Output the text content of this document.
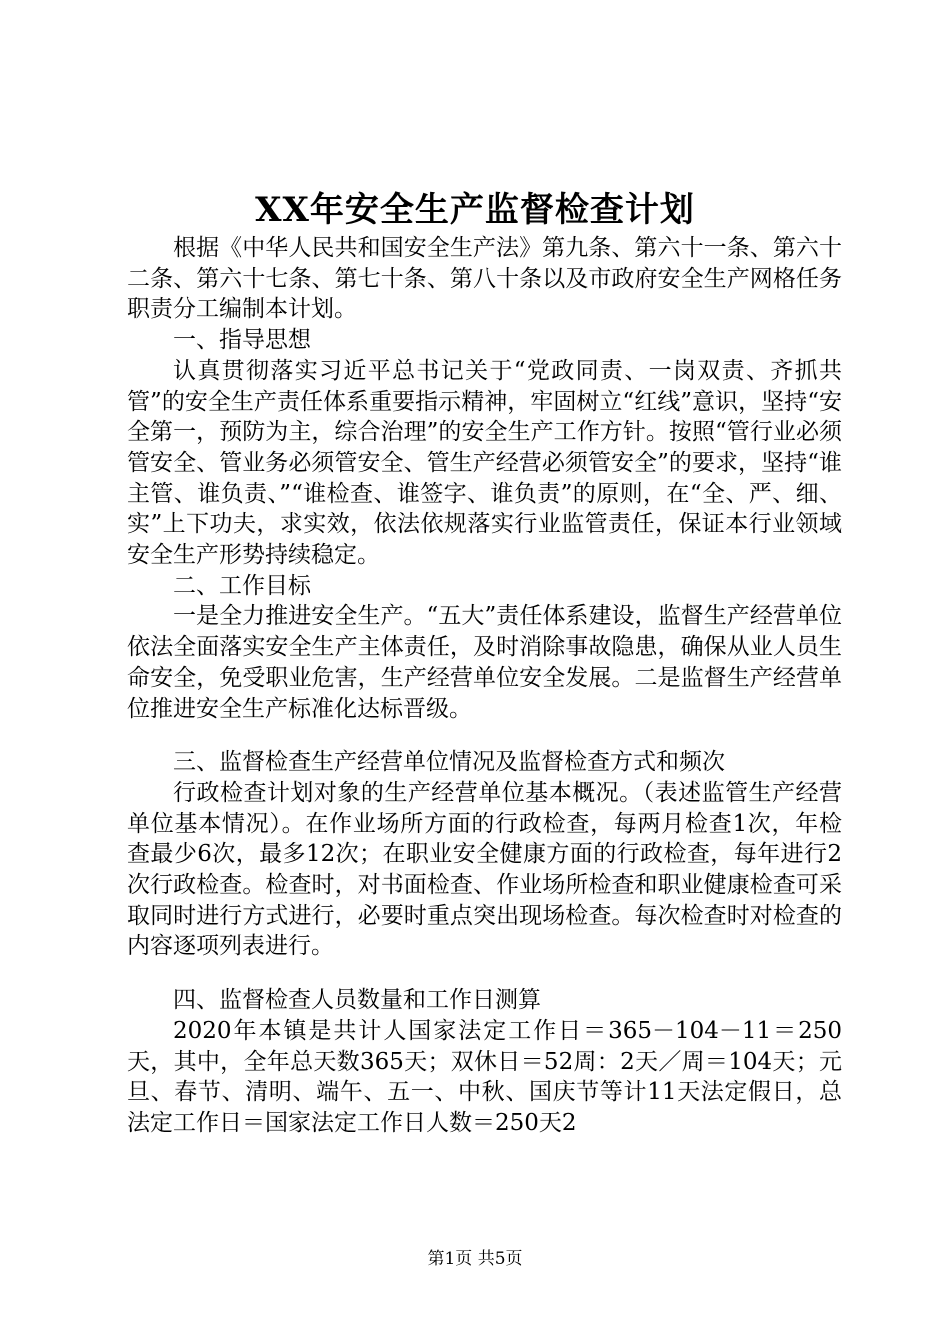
XX年安全生产监督检查计划

根据《中华人民共和国安全生产法》第九条、第六十一条、第六十二条、第六十七条、第七十条、第八十条以及市政府安全生产网格任务职责分工编制本计划。

一、指导思想

认真贯彻落实习近平总书记关于“党政同责、一岗双责、齐抓共管”的安全生产责任体系重要指示精神，牢固树立“红线”意识，坚持“安全第一，预防为主，综合治理”的安全生产工作方针。按照“管行业必须管安全、管业务必须管安全、管生产经营必须管安全”的要求，坚持“谁主管、谁负责、”“谁检查、谁签字、谁负责”的原则，在“全、严、细、实”上下功夫，求实效，依法依规落实行业监管责任，保证本行业领域安全生产形势持续稳定。

二、工作目标

一是全力推进安全生产。“五大”责任体系建设，监督生产经营单位依法全面落实安全生产主体责任，及时消除事故隐患，确保从业人员生命安全，免受职业危害，生产经营单位安全发展。二是监督生产经营单位推进安全生产标准化达标晋级。

三、监督检查生产经营单位情况及监督检查方式和频次

行政检查计划对象的生产经营单位基本概况。（表述监管生产经营单位基本情况）。在作业场所方面的行政检查，每两月检查1次，年检查最少6次，最多12次；在职业安全健康方面的行政检查，每年进行2次行政检查。检查时，对书面检查、作业场所检查和职业健康检查可采取同时进行方式进行，必要时重点突出现场检查。每次检查时对检查的内容逐项列表进行。

四、监督检查人员数量和工作日测算

2020年本镇是共计人国家法定工作日＝365－104－11＝250天，其中，全年总天数365天；双休日＝52周：2天／周＝104天；元旦、春节、清明、端午、五一、中秋、国庆节等计11天法定假日，总法定工作日＝国家法定工作日人数＝250天2

第1页 共5页
